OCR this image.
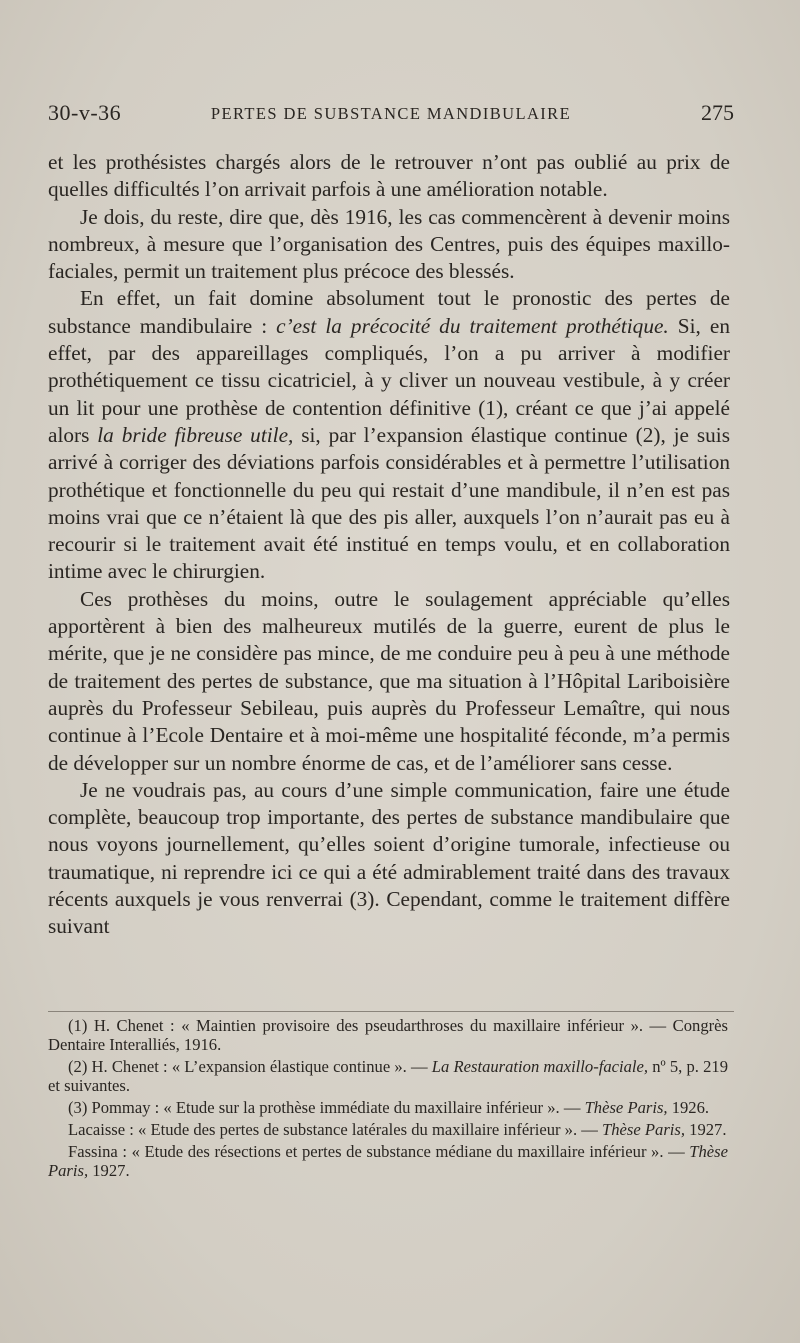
30-v-36	PERTES DE SUBSTANCE MANDIBULAIRE	275

et les prothésistes chargés alors de le retrouver n’ont pas oublié au prix de quelles difficultés l’on arrivait parfois à une amélioration notable.

Je dois, du reste, dire que, dès 1916, les cas commencèrent à devenir moins nombreux, à mesure que l’organisation des Centres, puis des équipes maxillo-faciales, permit un traitement plus précoce des blessés.

En effet, un fait domine absolument tout le pronostic des pertes de substance mandibulaire : c’est la précocité du traitement prothétique. Si, en effet, par des appareillages compliqués, l’on a pu arriver à modifier prothétiquement ce tissu cicatriciel, à y cliver un nouveau vestibule, à y créer un lit pour une prothèse de contention définitive (1), créant ce que j’ai appelé alors la bride fibreuse utile, si, par l’expansion élastique continue (2), je suis arrivé à corriger des déviations parfois considérables et à permettre l’utilisation prothétique et fonctionnelle du peu qui restait d’une mandibule, il n’en est pas moins vrai que ce n’étaient là que des pis aller, auxquels l’on n’aurait pas eu à recourir si le traitement avait été institué en temps voulu, et en collaboration intime avec le chirurgien.

Ces prothèses du moins, outre le soulagement appréciable qu’elles apportèrent à bien des malheureux mutilés de la guerre, eurent de plus le mérite, que je ne considère pas mince, de me conduire peu à peu à une méthode de traitement des pertes de substance, que ma situation à l’Hôpital Lariboisière auprès du Professeur Sebileau, puis auprès du Professeur Lemaître, qui nous continue à l’Ecole Dentaire et à moi-même une hospitalité féconde, m’a permis de développer sur un nombre énorme de cas, et de l’améliorer sans cesse.

Je ne voudrais pas, au cours d’une simple communication, faire une étude complète, beaucoup trop importante, des pertes de substance mandibulaire que nous voyons journellement, qu’elles soient d’origine tumorale, infectieuse ou traumatique, ni reprendre ici ce qui a été admirablement traité dans des travaux récents auxquels je vous renverrai (3). Cependant, comme le traitement diffère suivant

(1) H. Chenet : « Maintien provisoire des pseudarthroses du maxillaire inférieur ». — Congrès Dentaire Interalliés, 1916.

(2) H. Chenet : « L’expansion élastique continue ». — La Restauration maxillo-faciale, nº 5, p. 219 et suivantes.

(3) Pommay : « Etude sur la prothèse immédiate du maxillaire inférieur ». — Thèse Paris, 1926.

Lacaisse : « Etude des pertes de substance latérales du maxillaire inférieur ». — Thèse Paris, 1927.

Fassina : « Etude des résections et pertes de substance médiane du maxillaire inférieur ». — Thèse Paris, 1927.
